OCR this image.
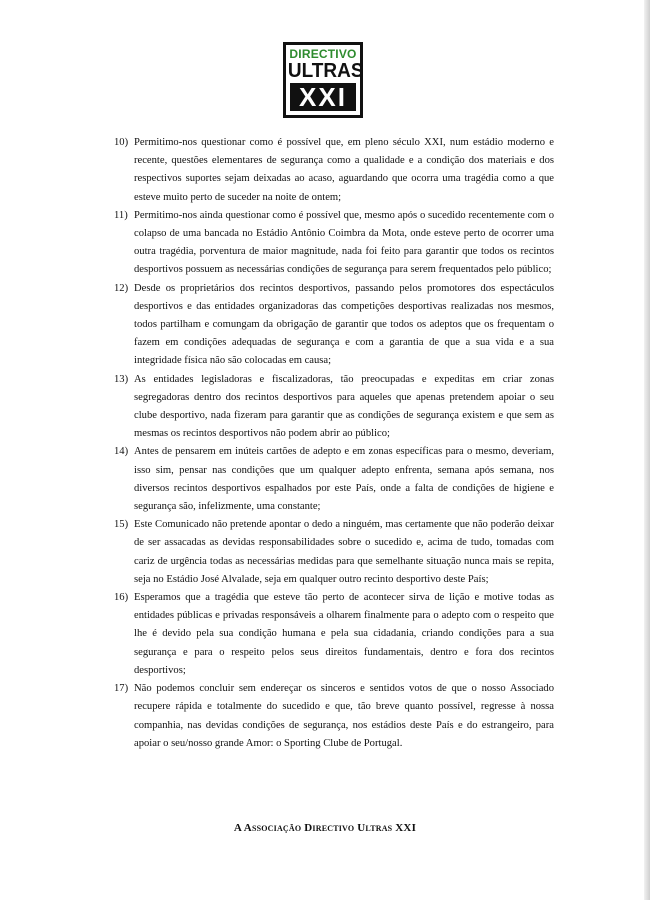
DIRECTIVO
ULTRAS
XXI
10) Permitimo-nos questionar como é possível que, em pleno século XXI, num estádio moderno e recente, questões elementares de segurança como a qualidade e a condição dos materiais e dos respectivos suportes sejam deixadas ao acaso, aguardando que ocorra uma tragédia como a que esteve muito perto de suceder na noite de ontem;
11) Permitimo-nos ainda questionar como é possível que, mesmo após o sucedido recentemente com o colapso de uma bancada no Estádio Antônio Coimbra da Mota, onde esteve perto de ocorrer uma outra tragédia, porventura de maior magnitude, nada foi feito para garantir que todos os recintos desportivos possuem as necessárias condições de segurança para serem frequentados pelo público;
12) Desde os proprietários dos recintos desportivos, passando pelos promotores dos espectáculos desportivos e das entidades organizadoras das competições desportivas realizadas nos mesmos, todos partilham e comungam da obrigação de garantir que todos os adeptos que os frequentam o fazem em condições adequadas de segurança e com a garantia de que a sua vida e a sua integridade física não são colocadas em causa;
13) As entidades legisladoras e fiscalizadoras, tão preocupadas e expeditas em criar zonas segregadoras dentro dos recintos desportivos para aqueles que apenas pretendem apoiar o seu clube desportivo, nada fizeram para garantir que as condições de segurança existem e que sem as mesmas os recintos desportivos não podem abrir ao público;
14) Antes de pensarem em inúteis cartões de adepto e em zonas específicas para o mesmo, deveriam, isso sim, pensar nas condições que um qualquer adepto enfrenta, semana após semana, nos diversos recintos desportivos espalhados por este País, onde a falta de condições de higiene e segurança são, infelizmente, uma constante;
15) Este Comunicado não pretende apontar o dedo a ninguém, mas certamente que não poderão deixar de ser assacadas as devidas responsabilidades sobre o sucedido e, acima de tudo, tomadas com cariz de urgência todas as necessárias medidas para que semelhante situação nunca mais se repita, seja no Estádio José Alvalade, seja em qualquer outro recinto desportivo deste País;
16) Esperamos que a tragédia que esteve tão perto de acontecer sirva de lição e motive todas as entidades públicas e privadas responsáveis a olharem finalmente para o adepto com o respeito que lhe é devido pela sua condição humana e pela sua cidadania, criando condições para a sua segurança e para o respeito pelos seus direitos fundamentais, dentro e fora dos recintos desportivos;
17) Não podemos concluir sem endereçar os sinceros e sentidos votos de que o nosso Associado recupere rápida e totalmente do sucedido e que, tão breve quanto possível, regresse à nossa companhia, nas devidas condições de segurança, nos estádios deste País e do estrangeiro, para apoiar o seu/nosso grande Amor: o Sporting Clube de Portugal.
A Associação Directivo Ultras XXI
